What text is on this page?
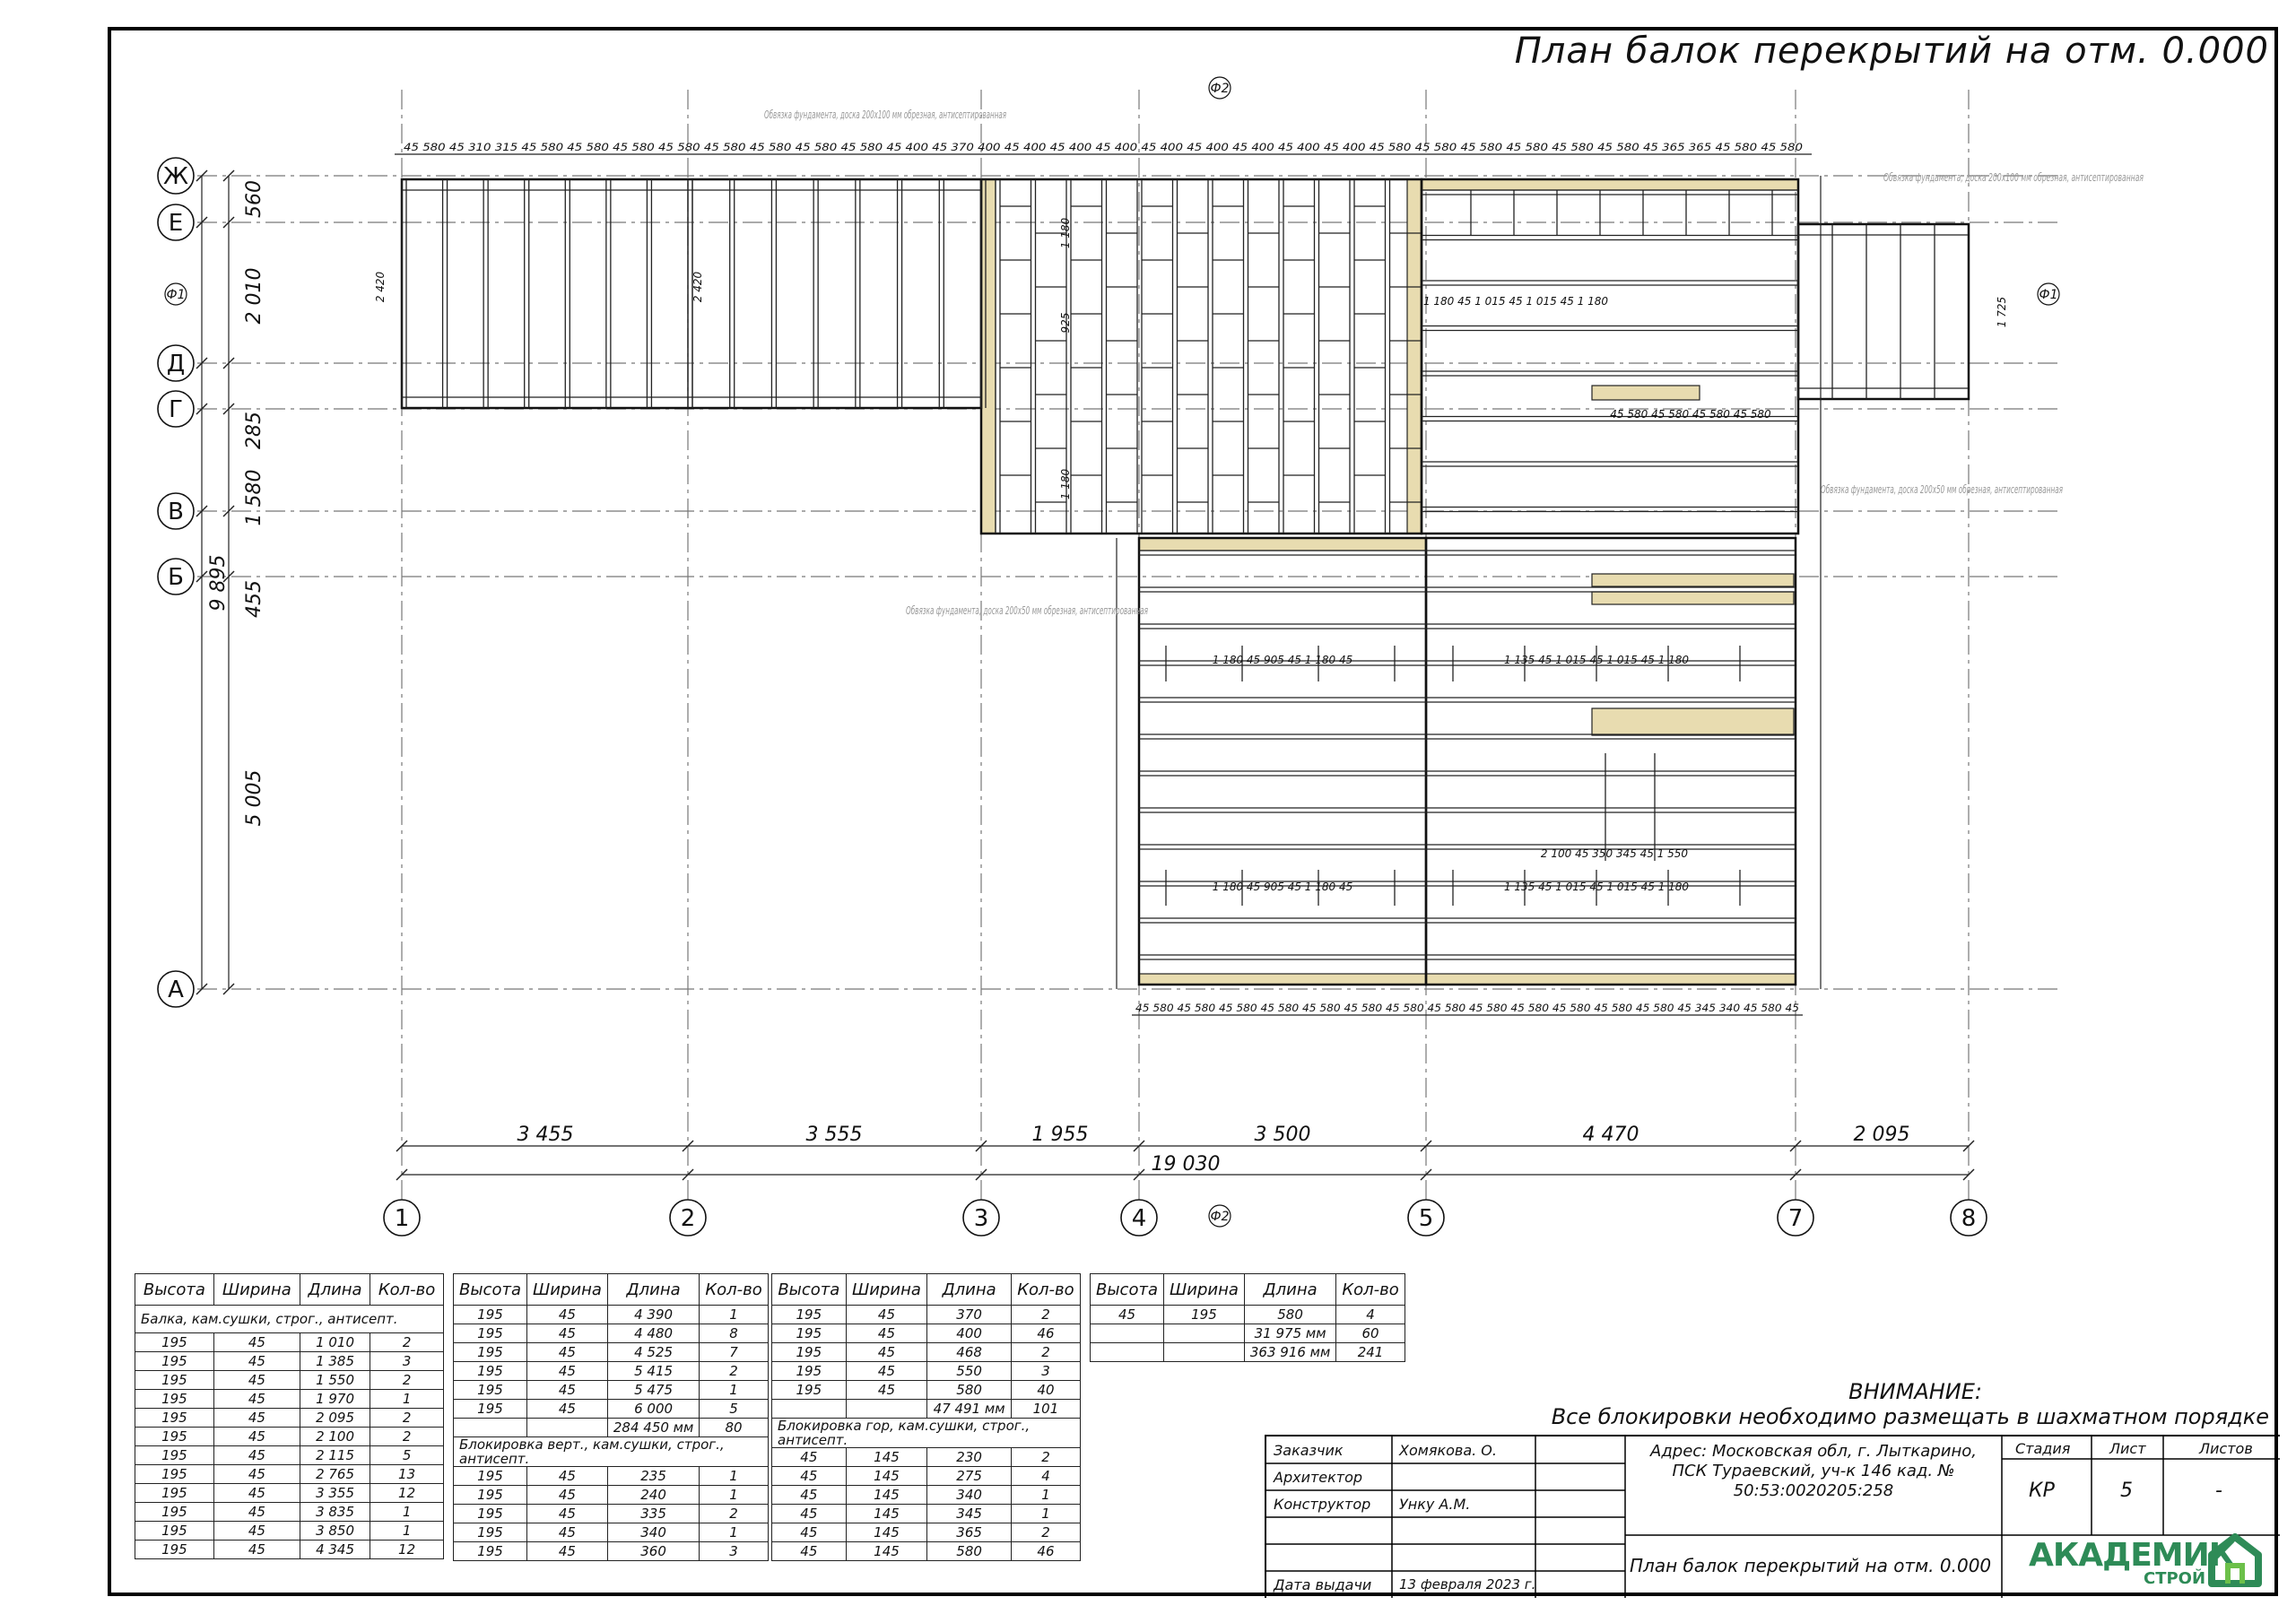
1	2	3	4	5	7	8
Ж
Е
Д
Г
В
Б
А
3 455	3 555	1 955	3 500	4 470	2 095
19 030
560
2 010
285
1 580
455
5 005
9 895
45 580 45 310 315 45 580 45 580 45 580 45 580 45 580 45 580 45 580 45 580 45 400 45 370 400 45 400 45 400 45 400 45 400 45 400 45 400 45 400 45 400 45 580 45 580 45 580 45 580 45 580 45 580 45 365 365 45 580 45 580
45 580 45 580 45 580 45 580 45 580 45 580 45 580 45 580 45 580 45 580 45 580 45 580 45 580 45 345 340 45 580 45
1 180 45 1 015 45 1 015 45 1 180
45 580 45 580 45 580 45 580
1 180 45 905 45 1 180 45	1 135 45 1 015 45 1 015 45 1 180
2 100 45 350 345 45 1 550
1 180 45 905 45 1 180 45	1 135 45 1 015 45 1 015 45 1 180
2 420	2 420
1 180
925
1 180
1 725
Обвязка фундамента, доска 200х100 мм обрезная, антисептированная
Обвязка фундамента, доска 200х100 мм обрезная, антисептированная
Обвязка фундамента, доска 200х50 мм обрезная, антисептированная
Обвязка фундамента, доска 200х50 мм обрезная, антисептированная
Ф2
Ф2
Ф1	Ф1
План балок перекрытий на отм. 0.000
Высота	Ширина	Длина	Кол-во
Балка, кам.сушки, строг., антисепт.			
195	45	1 010	2
195	45	1 385	3
195	45	1 550	2
195	45	1 970	1
195	45	2 095	2
195	45	2 100	2
195	45	2 115	5
195	45	2 765	13
195	45	3 355	12
195	45	3 835	1
195	45	3 850	1
195	45	4 345	12
Высота	Ширина	Длина	Кол-во
195	45	4 390	1
195	45	4 480	8
195	45	4 525	7
195	45	5 415	2
195	45	5 475	1
195	45	6 000	5
		284 450 мм	80
Блокировка верт., кам.сушки, строг., антисепт.			
195	45	235	1
195	45	240	1
195	45	335	2
195	45	340	1
195	45	360	3
Высота	Ширина	Длина	Кол-во
195	45	370	2
195	45	400	46
195	45	468	2
195	45	550	3
195	45	580	40
		47 491 мм	101
Блокировка гор, кам.сушки, строг., антисепт.			
45	145	230	2
45	145	275	4
45	145	340	1
45	145	345	1
45	145	365	2
45	145	580	46
Высота	Ширина	Длина	Кол-во
45	195	580	4
		31 975 мм	60
		363 916 мм	241
ВНИМАНИЕ:
Все блокировки необходимо размещать в шахматном порядке
Заказчик	Хомякова. О.
Архитектор
Конструктор Унку А.М.
Дата выдачи 13 февраля 2023 г.
Адрес: Московская обл, г. Лыткарино, ПСК Тураевский, уч-к 146 кад. № 50:53:0020205:258
План балок перекрытий на отм. 0.000
Стадия
КР
Лист
5
Листов
-
АКАДЕМИК
СТРОЙ
